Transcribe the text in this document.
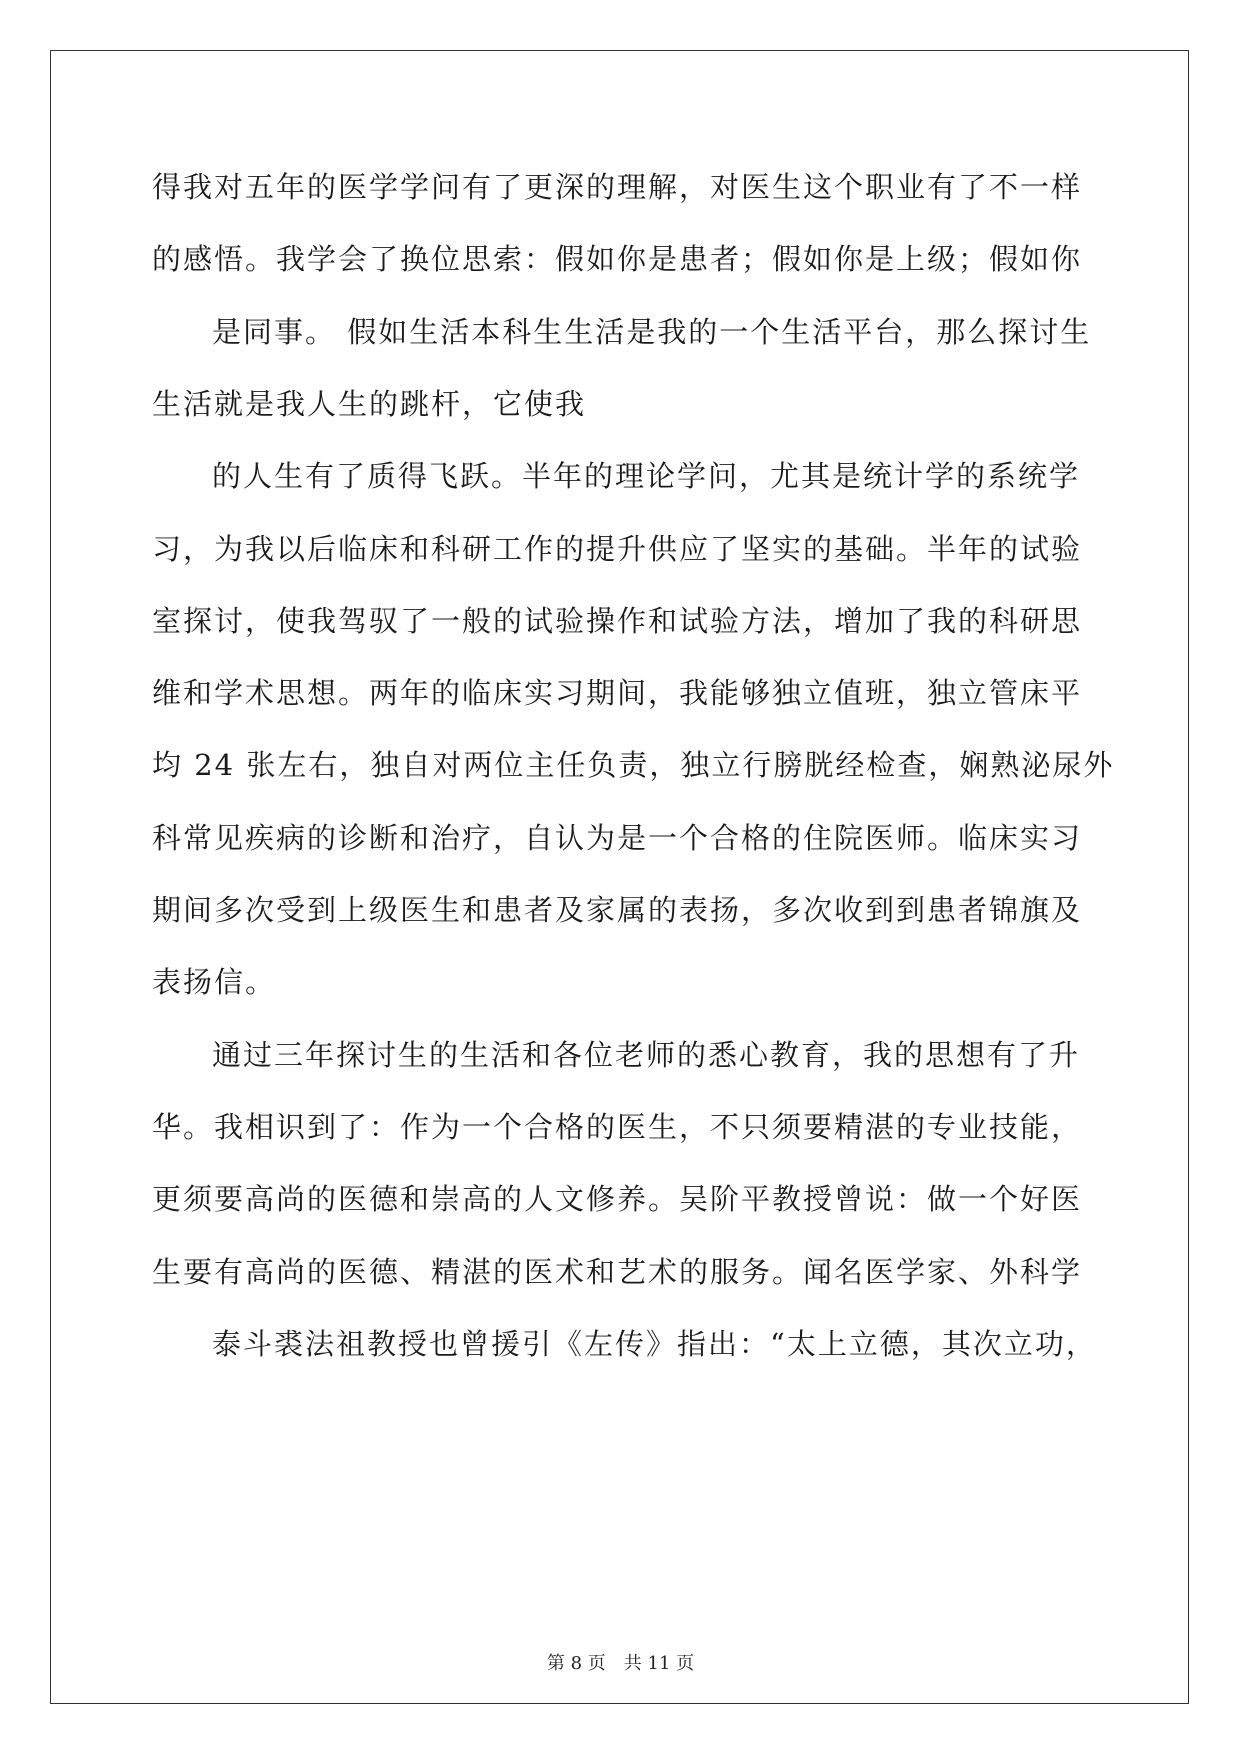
得我对五年的医学学问有了更深的理解，对医生这个职业有了不一样
的感悟。我学会了换位思索：假如你是患者；假如你是上级；假如你
是同事。 假如生活本科生生活是我的一个生活平台，那么探讨生
生活就是我人生的跳杆，它使我
的人生有了质得飞跃。半年的理论学问，尤其是统计学的系统学
习，为我以后临床和科研工作的提升供应了坚实的基础。半年的试验
室探讨，使我驾驭了一般的试验操作和试验方法，增加了我的科研思
维和学术思想。两年的临床实习期间，我能够独立值班，独立管床平
均 24 张左右，独自对两位主任负责，独立行膀胱经检查，娴熟泌尿外
科常见疾病的诊断和治疗，自认为是一个合格的住院医师。临床实习
期间多次受到上级医生和患者及家属的表扬，多次收到到患者锦旗及
表扬信。
通过三年探讨生的生活和各位老师的悉心教育，我的思想有了升
华。我相识到了：作为一个合格的医生，不只须要精湛的专业技能，
更须要高尚的医德和崇高的人文修养。吴阶平教授曾说：做一个好医
生要有高尚的医德、精湛的医术和艺术的服务。闻名医学家、外科学
泰斗裘法祖教授也曾援引《左传》指出：“太上立德，其次立功，
第 8 页 共 11 页
